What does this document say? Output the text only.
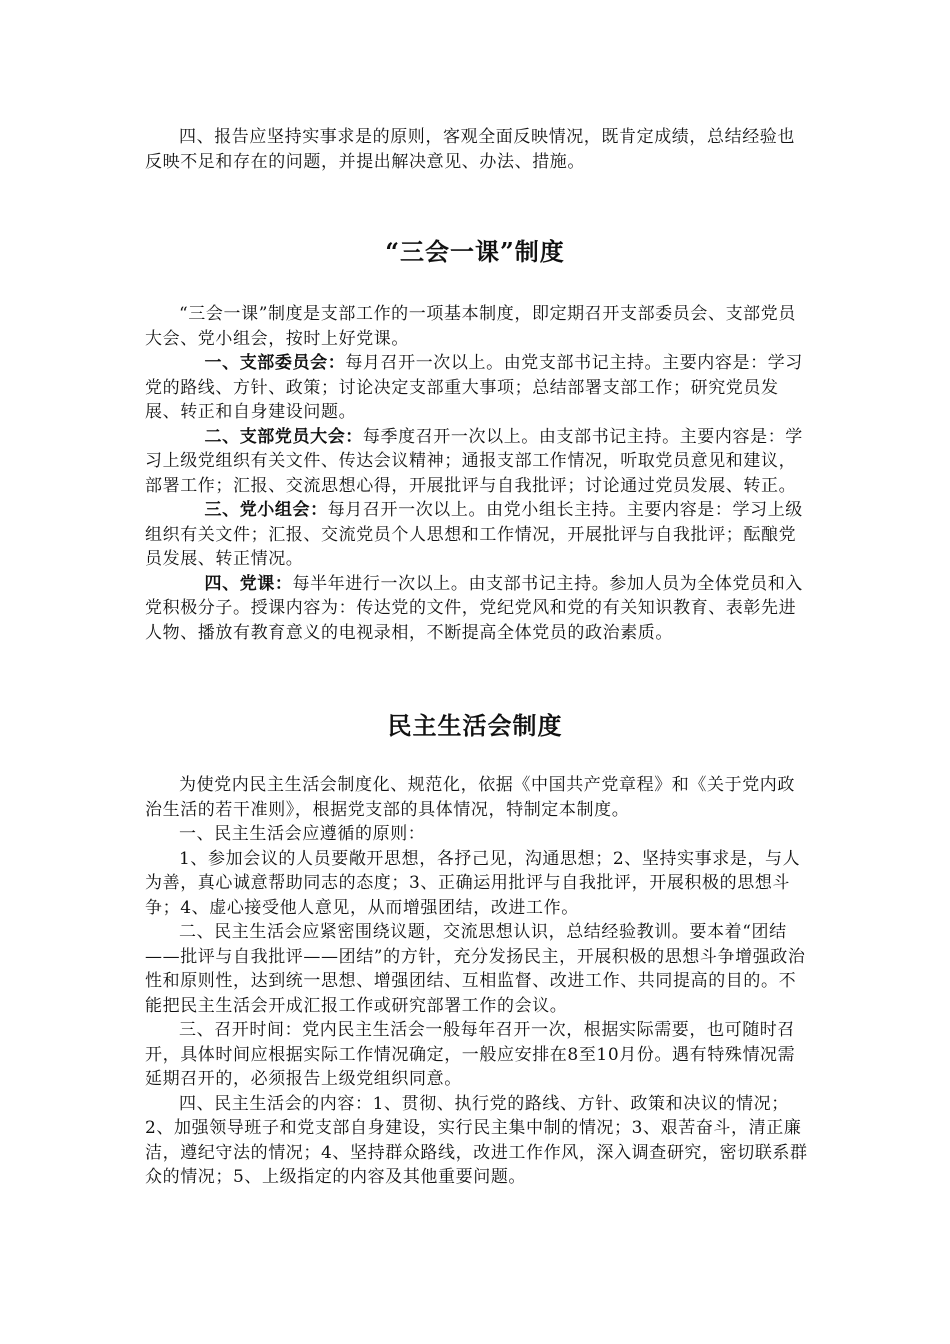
四、报告应坚持实事求是的原则，客观全面反映情况，既肯定成绩，总结经验也反映不足和存在的问题，并提出解决意见、办法、措施。

“三会一课”制度

“三会一课”制度是支部工作的一项基本制度，即定期召开支部委员会、支部党员大会、党小组会，按时上好党课。

一、支部委员会：每月召开一次以上。由党支部书记主持。主要内容是：学习党的路线、方针、政策；讨论决定支部重大事项；总结部署支部工作；研究党员发展、转正和自身建设问题。

二、支部党员大会：每季度召开一次以上。由支部书记主持。主要内容是：学习上级党组织有关文件、传达会议精神；通报支部工作情况，听取党员意见和建议，部署工作；汇报、交流思想心得，开展批评与自我批评；讨论通过党员发展、转正。

三、党小组会：每月召开一次以上。由党小组长主持。主要内容是：学习上级组织有关文件；汇报、交流党员个人思想和工作情况，开展批评与自我批评；酝酿党员发展、转正情况。

四、党课：每半年进行一次以上。由支部书记主持。参加人员为全体党员和入党积极分子。授课内容为：传达党的文件，党纪党风和党的有关知识教育、表彰先进人物、播放有教育意义的电视录相，不断提高全体党员的政治素质。

民主生活会制度

为使党内民主生活会制度化、规范化，依据《中国共产党章程》和《关于党内政治生活的若干准则》，根据党支部的具体情况，特制定本制度。

一、民主生活会应遵循的原则：

1、参加会议的人员要敞开思想，各抒己见，沟通思想；2、坚持实事求是，与人为善，真心诚意帮助同志的态度；3、正确运用批评与自我批评，开展积极的思想斗争；4、虚心接受他人意见，从而增强团结，改进工作。

二、民主生活会应紧密围绕议题，交流思想认识，总结经验教训。要本着“团结——批评与自我批评——团结”的方针，充分发扬民主，开展积极的思想斗争增强政治性和原则性，达到统一思想、增强团结、互相监督、改进工作、共同提高的目的。不能把民主生活会开成汇报工作或研究部署工作的会议。

三、召开时间：党内民主生活会一般每年召开一次，根据实际需要，也可随时召开，具体时间应根据实际工作情况确定，一般应安排在8至10月份。遇有特殊情况需延期召开的，必须报告上级党组织同意。

四、民主生活会的内容：1、贯彻、执行党的路线、方针、政策和决议的情况；2、加强领导班子和党支部自身建设，实行民主集中制的情况；3、艰苦奋斗，清正廉洁，遵纪守法的情况；4、坚持群众路线，改进工作作风，深入调查研究，密切联系群众的情况；5、上级指定的内容及其他重要问题。
